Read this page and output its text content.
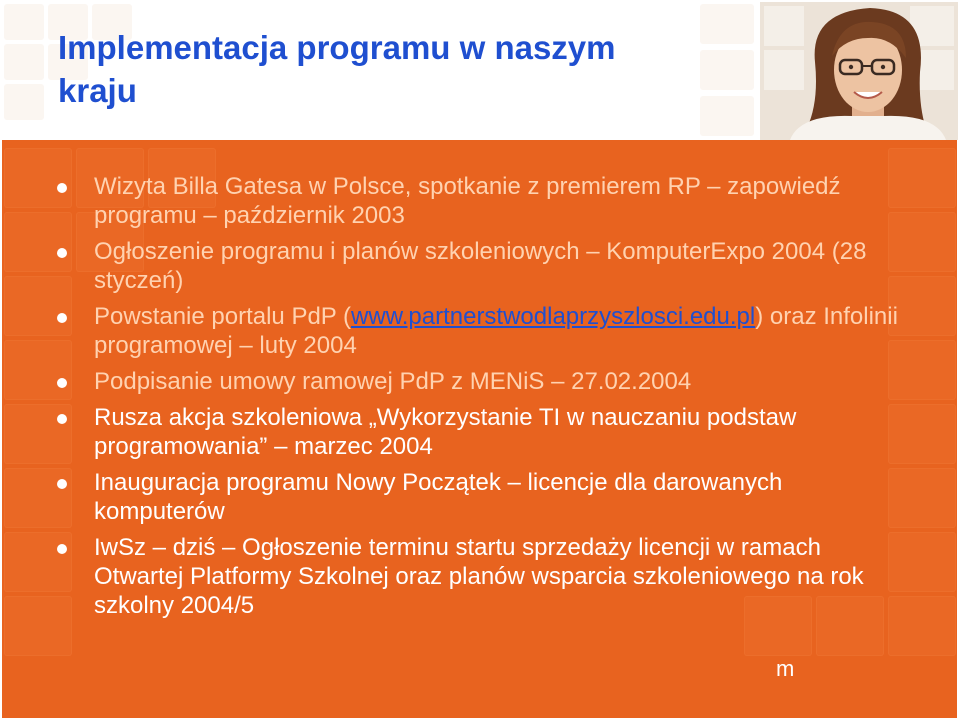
Implementacja programu w naszym kraju
Wizyta Billa Gatesa w Polsce, spotkanie z premierem RP – zapowiedź programu – październik 2003
Ogłoszenie programu i planów szkoleniowych – KomputerExpo 2004 (28 styczeń)
Powstanie portalu PdP (www.partnerstwodlaprzyszlosci.edu.pl) oraz Infolinii programowej – luty 2004
Podpisanie umowy ramowej PdP z MENiS – 27.02.2004
Rusza akcja szkoleniowa „Wykorzystanie TI w nauczaniu podstaw programowania” – marzec 2004
Inauguracja programu Nowy Początek – licencje dla darowanych komputerów
IwSz – dziś – Ogłoszenie terminu startu sprzedaży licencji w ramach Otwartej Platformy Szkolnej oraz planów wsparcia szkoleniowego na rok szkolny 2004/5
m
